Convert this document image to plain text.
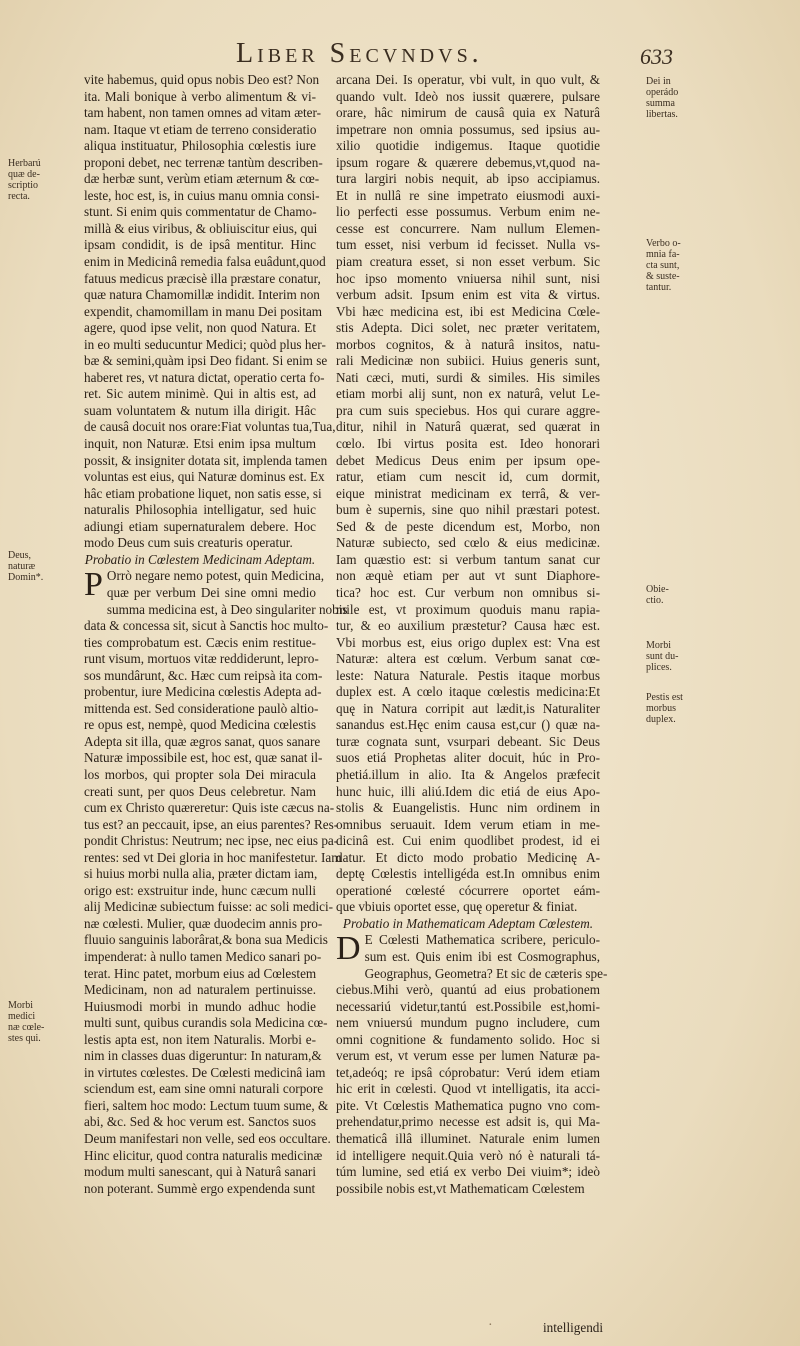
Liber Secvndvs.	633
vite habemus, quid opus nobis Deo est? Non
ita. Mali bonique à verbo alimentum & vi-
tam habent, non tamen omnes ad vitam æter-
nam. Itaque vt etiam de terreno consideratio
aliqua instituatur, Philosophia cœlestis iure
proponi debet, nec terrenæ tantùm describen-
dæ herbæ sunt, verùm etiam æternum & cœ-
leste, hoc est, is, in cuius manu omnia consi-
stunt. Si enim quis commentatur de Chamo-
millà & eius viribus, & obliuiscitur eius, qui
ipsam condidit, is de ipsâ mentitur. Hinc
enim in Medicinâ remedia falsa euâdunt,quod
fatuus medicus præcisè illa præstare conatur,
quæ natura Chamomillæ indidit. Interim non
expendit, chamomillam in manu Dei positam
agere, quod ipse velit, non quod Natura. Et
in eo multi seducuntur Medici; quòd plus her-
bæ & semini,quàm ipsi Deo fidant. Si enim se
haberet res, vt natura dictat, operatio certa fo-
ret. Sic autem minimè. Qui in altis est, ad
suam voluntatem & nutum illa dirigit. Hâc
de causâ docuit nos orare:Fiat voluntas tua,Tua,
inquit, non Naturæ. Etsi enim ipsa multum
possit, & insigniter dotata sit, implenda tamen
voluntas est eius, qui Naturæ dominus est. Ex
hâc etiam probatione liquet, non satis esse, si
naturalis Philosophia intelligatur, sed huic
adiungi etiam supernaturalem debere. Hoc
modo Deus cum suis creaturis operatur.
Probatio in Cœlestem Medicinam Adeptam.
P Orrò negare nemo potest, quin Medicina,
quæ per verbum Dei sine omni medio
summa medicina est, à Deo singulariter nobis
data & concessa sit, sicut à Sanctis hoc multo-
ties comprobatum est. Cæcis enim restitue-
runt visum, mortuos vitæ reddiderunt, lepro-
sos mundârunt, &c. Hæc cum reipsà ita com-
probentur, iure Medicina cœlestis Adepta ad-
mittenda est. Sed consideratione paulò altio-
re opus est, nempè, quod Medicina cœlestis
Adepta sit illa, quæ ægros sanat, quos sanare
Naturæ impossibile est, hoc est, quæ sanat il-
los morbos, qui propter sola Dei miracula
creati sunt, per quos Deus celebretur. Nam
cum ex Christo quæreretur: Quis iste cæcus na-
tus est? an peccauit, ipse, an eius parentes? Res-
pondit Christus: Neutrum; nec ipse, nec eius pa-
rentes: sed vt Dei gloria in hoc manifestetur. Iam
si huius morbi nulla alia, præter dictam iam,
origo est: exstruitur inde, hunc cæcum nulli
alij Medicinæ subiectum fuisse: ac soli medici-
næ cœlesti. Mulier, quæ duodecim annis pro-
fluuio sanguinis laborârat,& bona sua Medicis
impenderat: à nullo tamen Medico sanari po-
terat. Hinc patet, morbum eius ad Cœlestem
Medicinam, non ad naturalem pertinuisse.
Huiusmodi morbi in mundo adhuc hodie
multi sunt, quibus curandis sola Medicina cœ-
lestis apta est, non item Naturalis. Morbi e-
nim in classes duas digeruntur: In naturam,&
in virtutes cœlestes. De Cœlesti medicinâ iam
sciendum est, eam sine omni naturali corpore
fieri, saltem hoc modo: Lectum tuum sume, &
abi, &c. Sed & hoc verum est. Sanctos suos
Deum manifestari non velle, sed eos occultare.
Hinc elicitur, quod contra naturalis medicinæ
modum multi sanescant, qui à Naturâ sanari
non poterant. Summè ergo expendenda sunt
arcana Dei. Is operatur, vbi vult, in quo vult, &
quando vult. Ideò nos iussit quærere, pulsare
orare, hâc nimirum de causâ quia ex Naturâ
impetrare non omnia possumus, sed ipsius au-
xilio quotidie indigemus. Itaque quotidie
ipsum rogare & quærere debemus,vt,quod na-
tura largiri nobis nequit, ab ipso accipiamus.
Et in nullâ re sine impetrato eiusmodi auxi-
lio perfecti esse possumus. Verbum enim ne-
cesse est concurrere. Nam nullum Elemen-
tum esset, nisi verbum id fecisset. Nulla vs-
piam creatura esset, si non esset verbum. Sic
hoc ipso momento vniuersa nihil sunt, nisi
verbum adsit. Ipsum enim est vita & virtus.
Vbi hæc medicina est, ibi est Medicina Cœle-
stis Adepta. Dici solet, nec præter veritatem,
morbos cognitos, & à naturâ insitos, natu-
rali Medicinæ non subiici. Huius generis sunt,
Nati cæci, muti, surdi & similes. His similes
etiam morbi alij sunt, non ex naturâ, velut Le-
pra cum suis speciebus. Hos qui curare aggre-
ditur, nihil in Naturâ quærat, sed quærat in
cœlo. Ibi virtus posita est. Ideo honorari
debet Medicus Deus enim per ipsum ope-
ratur, etiam cum nescit id, cum dormit,
eique ministrat medicinam ex terrâ, & ver-
bum è supernis, sine quo nihil præstari potest.
Sed & de peste dicendum est, Morbo, non
Naturæ subiecto, sed cœlo & eius medicinæ.
Iam quæstio est: si verbum tantum sanat cur
non æquè etiam per aut vt sunt Diaphore-
tica? hoc est. Cur verbum non omnibus si-
mile est, vt proximum quoduis manu rapia-
tur, & eo auxilium præstetur? Causa hæc est.
Vbi morbus est, eius origo duplex est: Vna est
Naturæ: altera est cœlum. Verbum sanat cœ-
leste: Natura Naturale. Pestis itaque morbus
duplex est. A cœlo itaque cœlestis medicina:Et
quę in Natura corripit aut lædit,is Naturaliter
sanandus est.Hęc enim causa est,cur () quæ na-
turæ cognata sunt, vsurpari debeant. Sic Deus
suos etiá Prophetas aliter docuit, húc in Pro-
phetiá.illum in alio. Ita & Angelos præfecit
hunc huic, illi aliú.Idem dic etiá de eius Apo-
stolis & Euangelistis. Hunc nim ordinem in
omnibus seruauit. Idem verum etiam in me-
dicinâ est. Cui enim quodlibet prodest, id ei
datur. Et dicto modo probatio Medicinę A-
deptę Cœlestis intelligéda est.In omnibus enim
operationé cœlesté cócurrere oportet eám-
que vbiuis oportet esse, quę operetur & finiat.
Probatio in Mathematicam Adeptam Cœlestem.
D E Cœlesti Mathematica scribere, periculo-
sum est. Quis enim ibi est Cosmographus,
Geographus, Geometra? Et sic de cæteris spe-
ciebus.Mihi verò, quantú ad eius probationem
necessariú videtur,tantú est.Possibile est,homi-
nem vniuersú mundum pugno includere, cum
omni cognitione & fundamento solido. Hoc si
verum est, vt verum esse per lumen Naturæ pa-
tet,adeóq; re ipsâ cóprobatur: Verú idem etiam
hic erit in cœlesti. Quod vt intelligatis, ita acci-
pite. Vt Cœlestis Mathematica pugno vno com-
prehendatur,primo necesse est adsit is, qui Ma-
thematicâ illâ illuminet. Naturale enim lumen
id intelligere nequit.Quia verò nó è naturali tá-
túm lumine, sed etiá ex verbo Dei viuim*; ideò
possibile nobis est,vt Mathematicam Cœlestem
Herbarú
quæ de-
scriptio
recta.
Deus,
naturæ
Domin*.
Morbi
medici
næ cœle-
stes qui.
Dei in
operádo
summa
libertas.
Verbo o-
mnia fa-
cta sunt,
& suste-
tantur.
Obie-
ctio.
Morbi
sunt du-
plices.
Pestis est
morbus
duplex.
intelligendi
·
